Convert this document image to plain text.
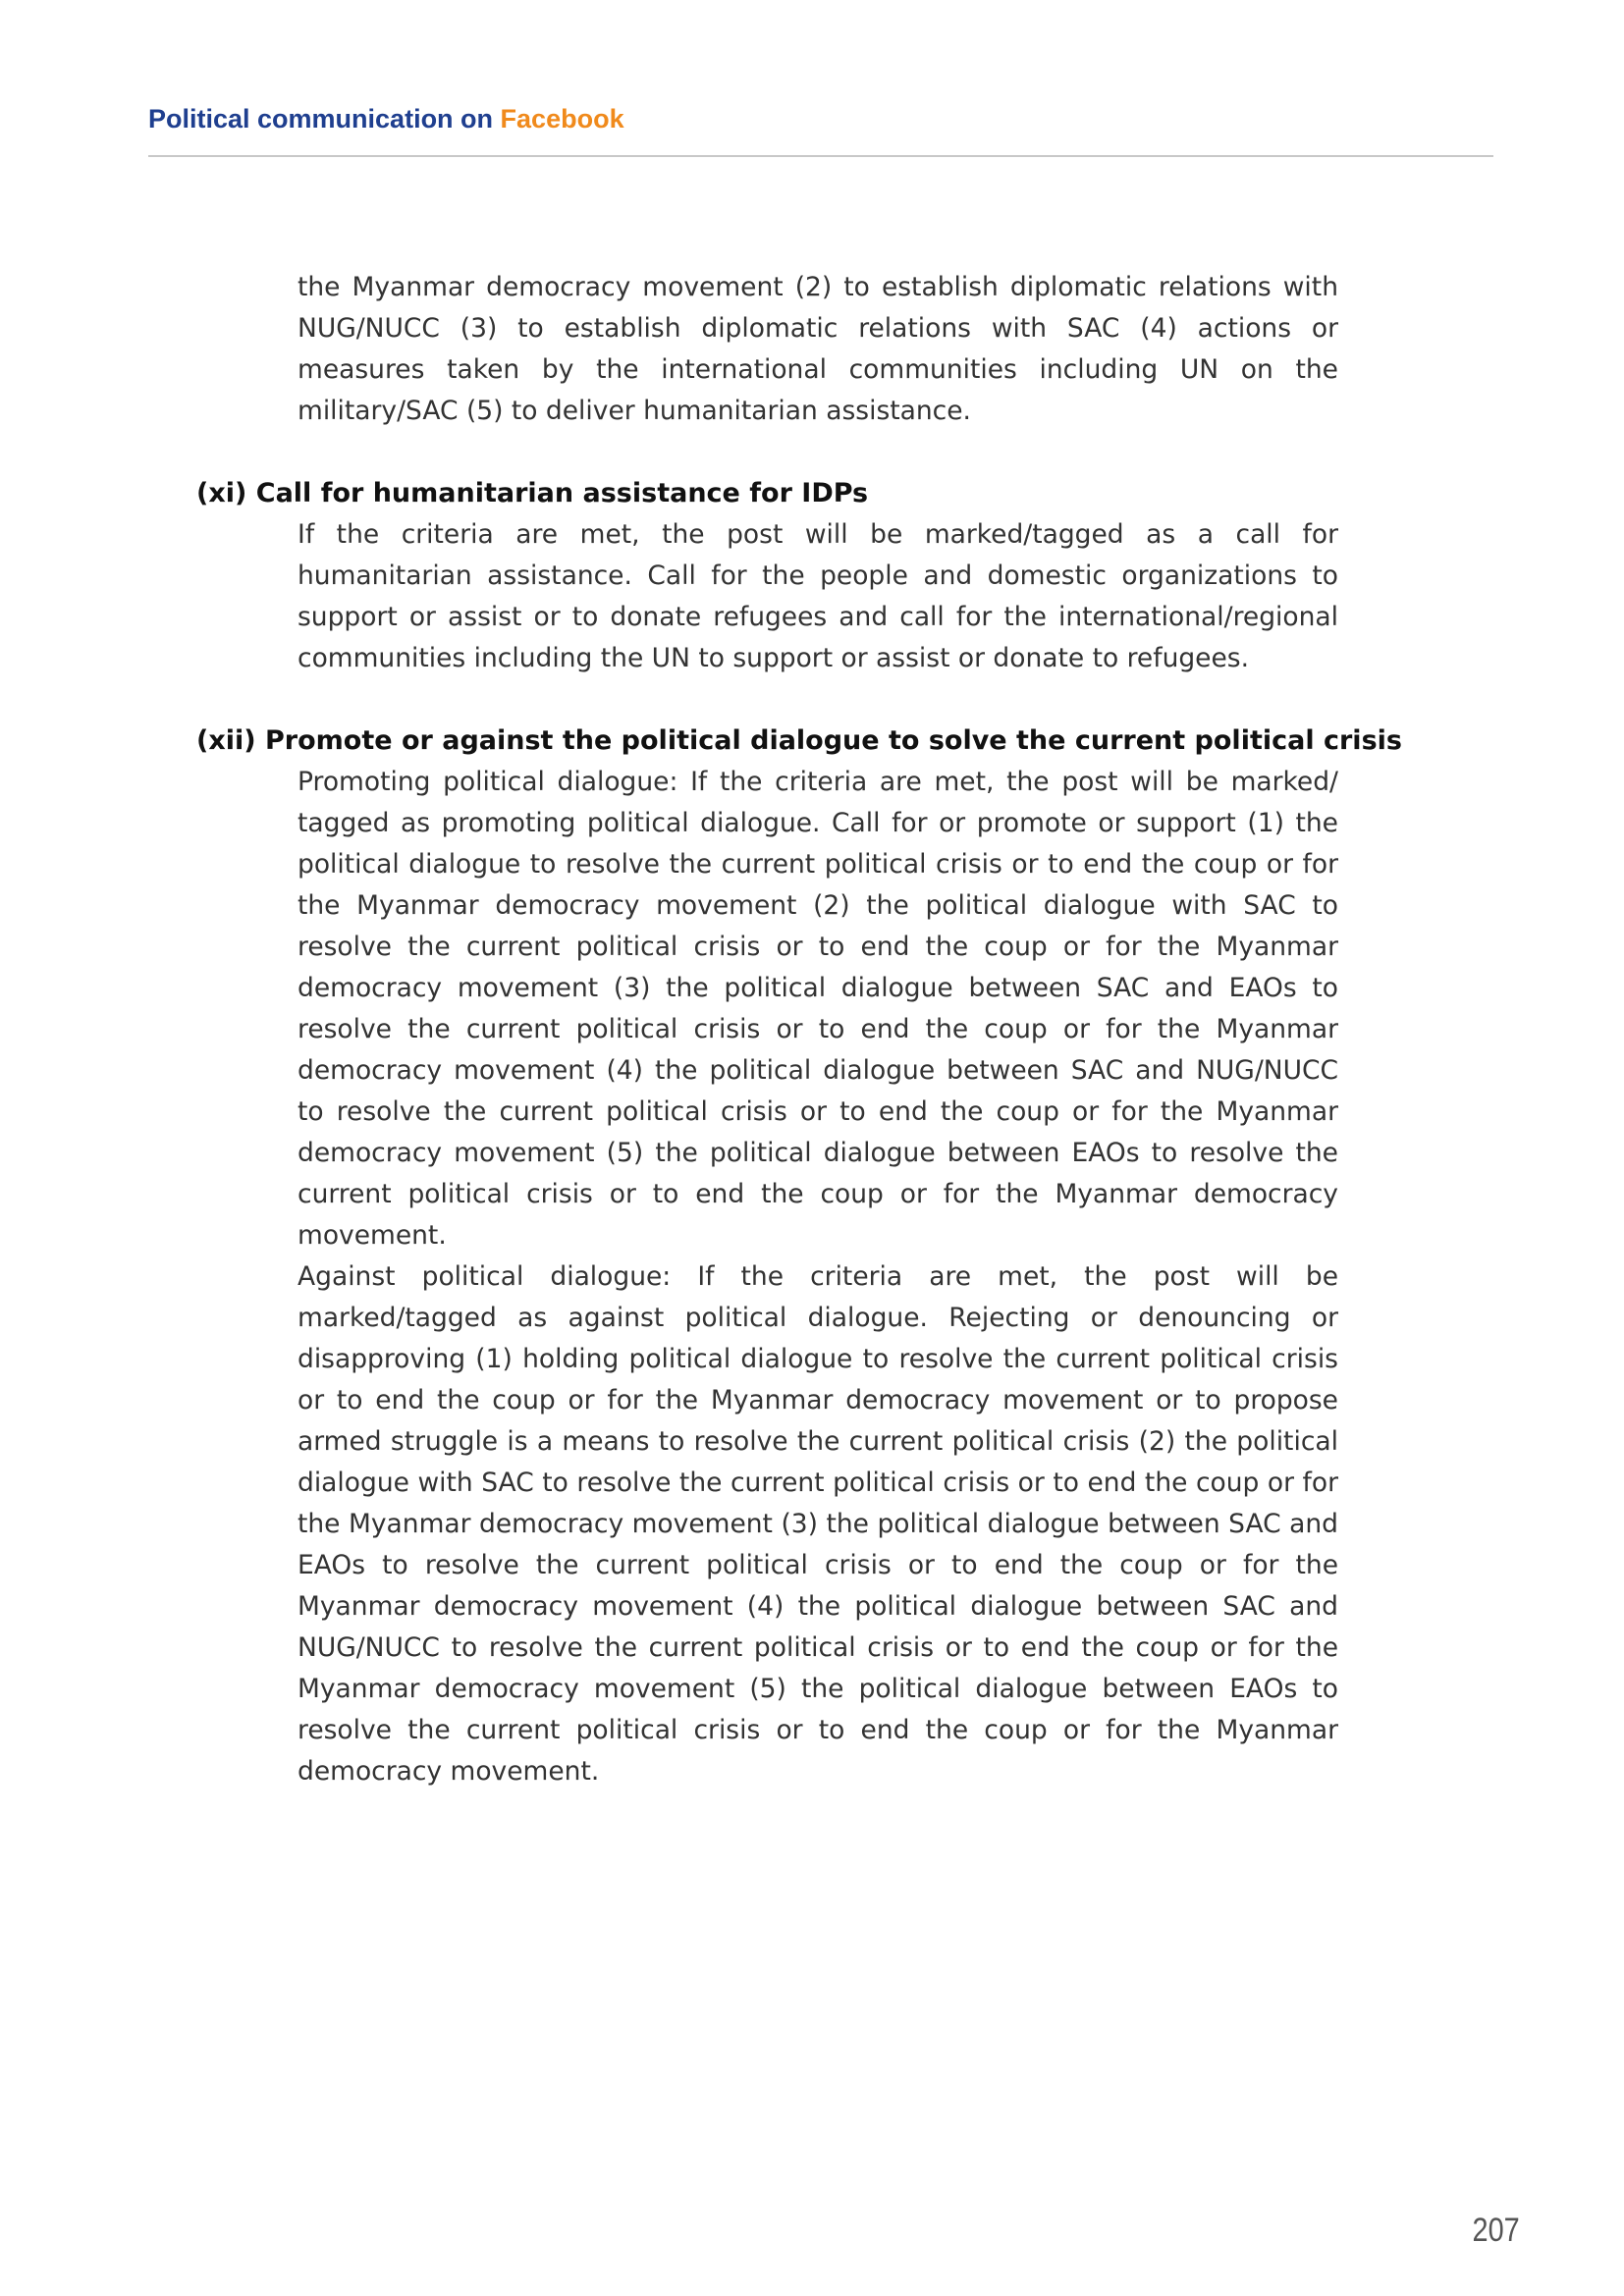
Political communication on Facebook

the Myanmar democracy movement (2) to establish diplomatic relations with NUG/NUCC (3) to establish diplomatic relations with SAC (4) actions or measures taken by the international communities including UN on the military/SAC (5) to deliver humanitarian assistance.

(xi) Call for humanitarian assistance for IDPs

If the criteria are met, the post will be marked/tagged as a call for humanitarian assistance. Call for the people and domestic organizations to support or assist or to donate refugees and call for the international/regional communities including the UN to support or assist or donate to refugees.

(xii) Promote or against the political dialogue to solve the current political crisis

Promoting political dialogue: If the criteria are met, the post will be marked/ tagged as promoting political dialogue. Call for or promote or support (1) the political dialogue to resolve the current political crisis or to end the coup or for the Myanmar democracy movement (2) the political dialogue with SAC to resolve the current political crisis or to end the coup or for the Myanmar democracy movement (3) the political dialogue between SAC and EAOs to resolve the current political crisis or to end the coup or for the Myanmar democracy movement (4) the political dialogue between SAC and NUG/NUCC to resolve the current political crisis or to end the coup or for the Myanmar democracy movement (5) the political dialogue between EAOs to resolve the current political crisis or to end the coup or for the Myanmar democracy movement.

Against political dialogue: If the criteria are met, the post will be marked/tagged as against political dialogue. Rejecting or denouncing or disapproving (1) holding political dialogue to resolve the current political crisis or to end the coup or for the Myanmar democracy movement or to propose armed struggle is a means to resolve the current political crisis (2) the political dialogue with SAC to resolve the current political crisis or to end the coup or for the Myanmar democracy movement (3) the political dialogue between SAC and EAOs to resolve the current political crisis or to end the coup or for the Myanmar democracy movement (4) the political dialogue between SAC and NUG/NUCC to resolve the current political crisis or to end the coup or for the Myanmar democracy movement (5) the political dialogue between EAOs to resolve the current political crisis or to end the coup or for the Myanmar democracy movement.

207
